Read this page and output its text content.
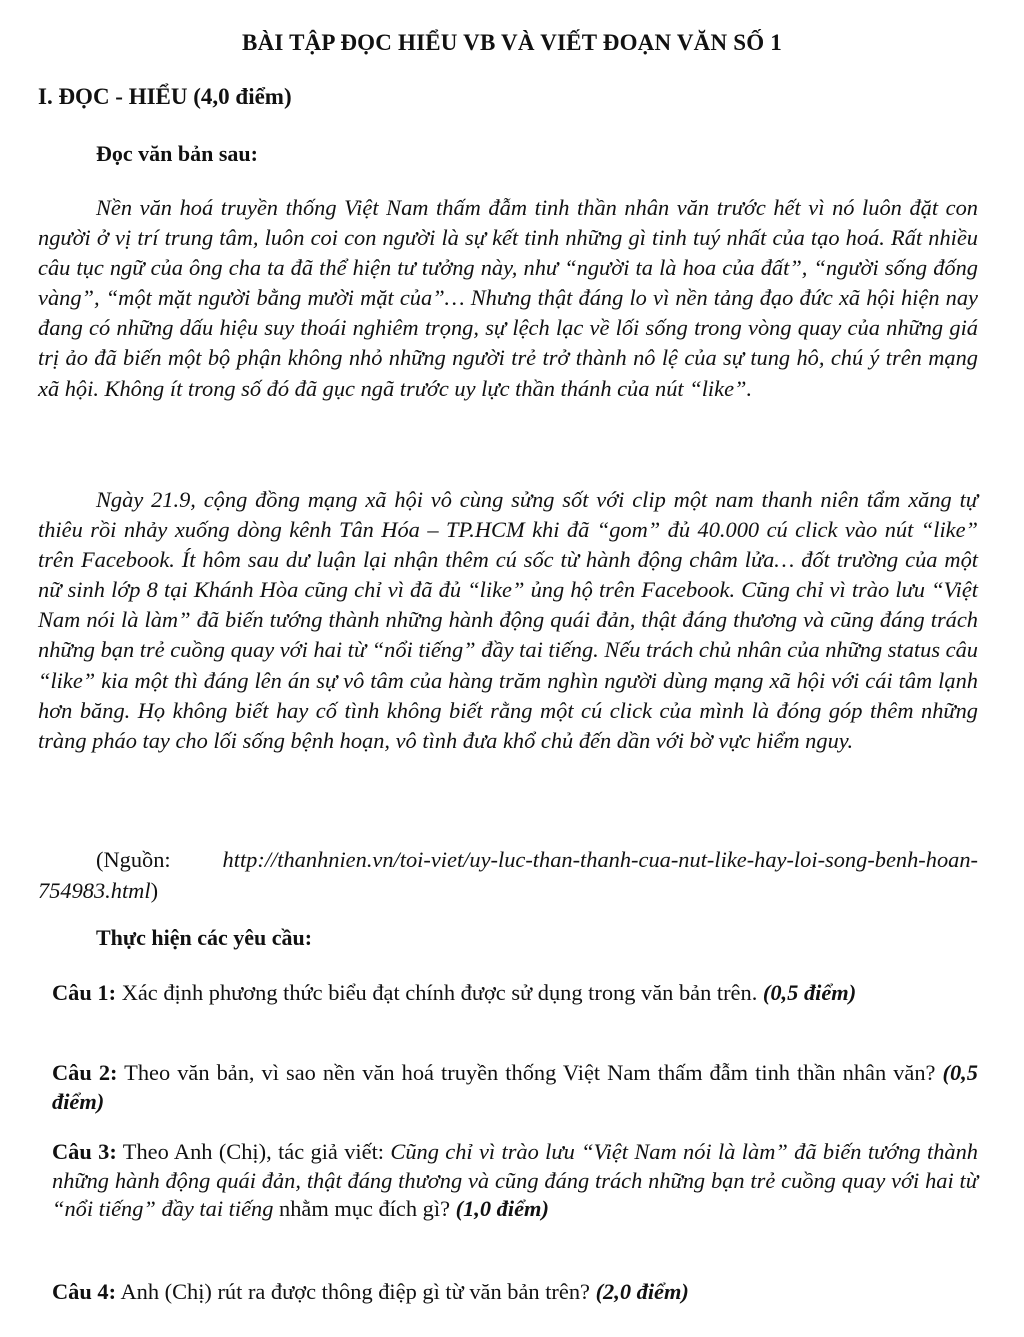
BÀI TẬP ĐỌC HIỂU VB VÀ VIẾT ĐOẠN VĂN SỐ 1
I. ĐỌC - HIỂU (4,0 điểm)
Đọc văn bản sau:

Nền văn hoá truyền thống Việt Nam thấm đẫm tinh thần nhân văn trước hết vì nó luôn đặt con người ở vị trí trung tâm, luôn coi con người là sự kết tinh những gì tinh tuý nhất của tạo hoá. Rất nhiều câu tục ngữ của ông cha ta đã thể hiện tư tưởng này, như “người ta là hoa của đất”, “người sống đống vàng”, “một mặt người bằng mười mặt của”… Nhưng thật đáng lo vì nền tảng đạo đức xã hội hiện nay đang có những dấu hiệu suy thoái nghiêm trọng, sự lệch lạc về lối sống trong vòng quay của những giá trị ảo đã biến một bộ phận không nhỏ những người trẻ trở thành nô lệ của sự tung hô, chú ý trên mạng xã hội. Không ít trong số đó đã gục ngã trước uy lực thần thánh của nút “like”.

Ngày 21.9, cộng đồng mạng xã hội vô cùng sửng sốt với clip một nam thanh niên tẩm xăng tự thiêu rồi nhảy xuống dòng kênh Tân Hóa – TP.HCM khi đã “gom” đủ 40.000 cú click vào nút “like” trên Facebook. Ít hôm sau dư luận lại nhận thêm cú sốc từ hành động châm lửa… đốt trường của một nữ sinh lớp 8 tại Khánh Hòa cũng chỉ vì đã đủ “like” ủng hộ trên Facebook. Cũng chỉ vì trào lưu “Việt Nam nói là làm” đã biến tướng thành những hành động quái đản, thật đáng thương và cũng đáng trách những bạn trẻ cuồng quay với hai từ “nổi tiếng” đầy tai tiếng. Nếu trách chủ nhân của những status câu “like” kia một thì đáng lên án sự vô tâm của hàng trăm nghìn người dùng mạng xã hội với cái tâm lạnh hơn băng. Họ không biết hay cố tình không biết rằng một cú click của mình là đóng góp thêm những tràng pháo tay cho lối sống bệnh hoạn, vô tình đưa khổ chủ đến dần với bờ vực hiểm nguy.

(Nguồn: http://thanhnien.vn/toi-viet/uy-luc-than-thanh-cua-nut-like-hay-loi-song-benh-hoan- 754983.html)

Thực hiện các yêu cầu:

Câu 1: Xác định phương thức biểu đạt chính được sử dụng trong văn bản trên. (0,5 điểm)

Câu 2: Theo văn bản, vì sao nền văn hoá truyền thống Việt Nam thấm đẫm tinh thần nhân văn? (0,5 điểm)

Câu 3: Theo Anh (Chị), tác giả viết: Cũng chỉ vì trào lưu “Việt Nam nói là làm” đã biến tướng thành những hành động quái đản, thật đáng thương và cũng đáng trách những bạn trẻ cuồng quay với hai từ “nổi tiếng” đầy tai tiếng nhằm mục đích gì? (1,0 điểm)

Câu 4: Anh (Chị) rút ra được thông điệp gì từ văn bản trên? (2,0 điểm)
